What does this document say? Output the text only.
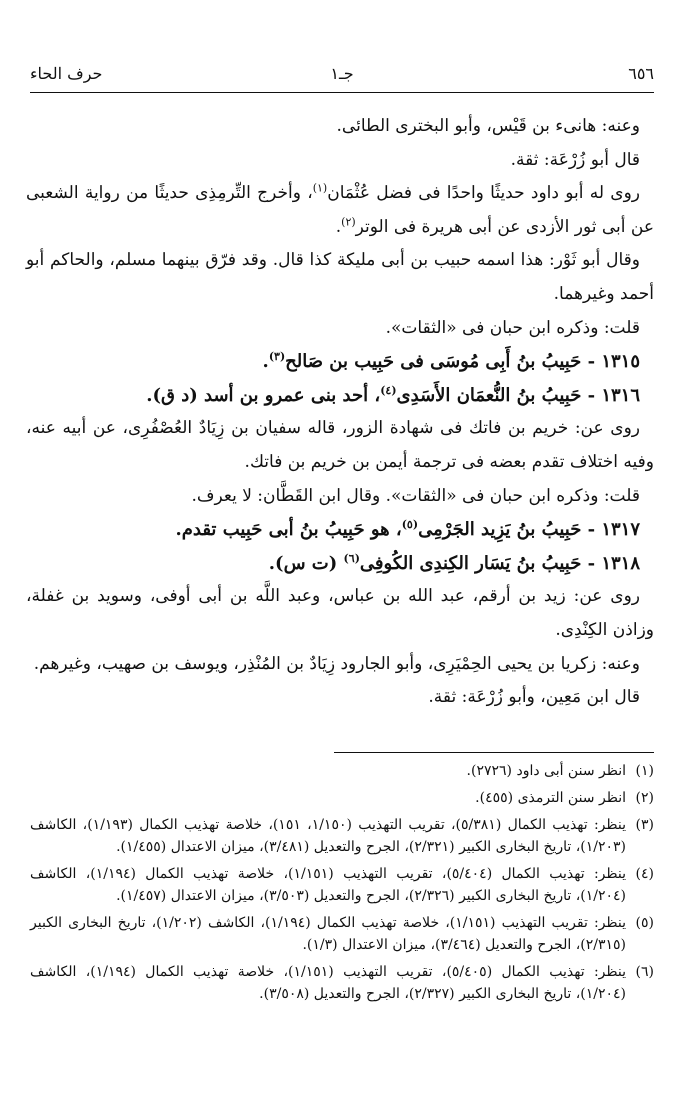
٦٥٦
جـ١
حرف الحاء

وعنه: هانىء بن قَيْس، وأبو البخترى الطائى.

قال أبو زُرْعَة: ثقة.

روى له أبو داود حديثًا واحدًا فى فضل عُثْمَان$^{(١)}$، وأخرج التِّرمِذِى حديثًا من رواية الشعبى عن أبى ثور الأزدى عن أبى هريرة فى الوتر$^{(٢)}$.

وقال أبو ثَوْر: هذا اسمه حبيب بن أبى مليكة كذا قال. وقد فرّق بينهما مسلم، والحاكم أبو أحمد وغيرهما.

قلت: وذكره ابن حبان فى «الثقات».

١٣١٥ - حَبِيبُ بنُ أَبِى مُوسَى فى حَبِيب بن صَالح$^{(٣)}$.

١٣١٦ - حَبِيبُ بنُ النُّعمَان الأَسَدِى$^{(٤)}$، أحد بنى عمرو بن أسد (د ق).

روى عن: خريم بن فاتك فى شهادة الزور، قاله سفيان بن زِيَادٌ العُصْفُرِى، عن أبيه عنه، وفيه اختلاف تقدم بعضه فى ترجمة أيمن بن خريم بن فاتك.

قلت: وذكره ابن حبان فى «الثقات». وقال ابن القَطَّان: لا يعرف.

١٣١٧ - حَبِيبُ بنُ يَزِيد الجَرْمِى$^{(٥)}$، هو حَبِيبُ بنُ أبى حَبِيب تقدم.

١٣١٨ - حَبِيبُ بنُ يَسَار الكِندِى الكُوفِى$^{(٦)}$ (ت س).

روى عن: زيد بن أرقم، عبد الله بن عباس، وعبد اللَّه بن أبى أوفى، وسويد بن غفلة، وزاذن الكِنْدِى.

وعنه: زكريا بن يحيى الحِمْيَرِى، وأبو الجارود زِيَادٌ بن المُنْذِر، ويوسف بن صهيب، وغيرهم.

قال ابن مَعِين، وأبو زُرْعَة: ثقة.

(١)
انظر سنن أبى داود (٢٧٢٦).
(٢)
انظر سنن الترمذى (٤٥٥).
(٣)
ينظر: تهذيب الكمال (٥/٣٨١)، تقريب التهذيب (١/١٥٠، ١٥١)، خلاصة تهذيب الكمال (١/١٩٣)، الكاشف (١/٢٠٣)، تاريخ البخارى الكبير (٢/٣٢١)، الجرح والتعديل (٣/٤٨١)، ميزان الاعتدال (١/٤٥٥).
(٤)
ينظر: تهذيب الكمال (٥/٤٠٤)، تقريب التهذيب (١/١٥١)، خلاصة تهذيب الكمال (١/١٩٤)، الكاشف (١/٢٠٤)، تاريخ البخارى الكبير (٢/٣٢٦)، الجرح والتعديل (٣/٥٠٣)، ميزان الاعتدال (١/٤٥٧).
(٥)
ينظر: تقريب التهذيب (١/١٥١)، خلاصة تهذيب الكمال (١/١٩٤)، الكاشف (١/٢٠٢)، تاريخ البخارى الكبير (٢/٣١٥)، الجرح والتعديل (٣/٤٦٤)، ميزان الاعتدال (١/٣).
(٦)
ينظر: تهذيب الكمال (٥/٤٠٥)، تقريب التهذيب (١/١٥١)، خلاصة تهذيب الكمال (١/١٩٤)، الكاشف (١/٢٠٤)، تاريخ البخارى الكبير (٢/٣٢٧)، الجرح والتعديل (٣/٥٠٨).
